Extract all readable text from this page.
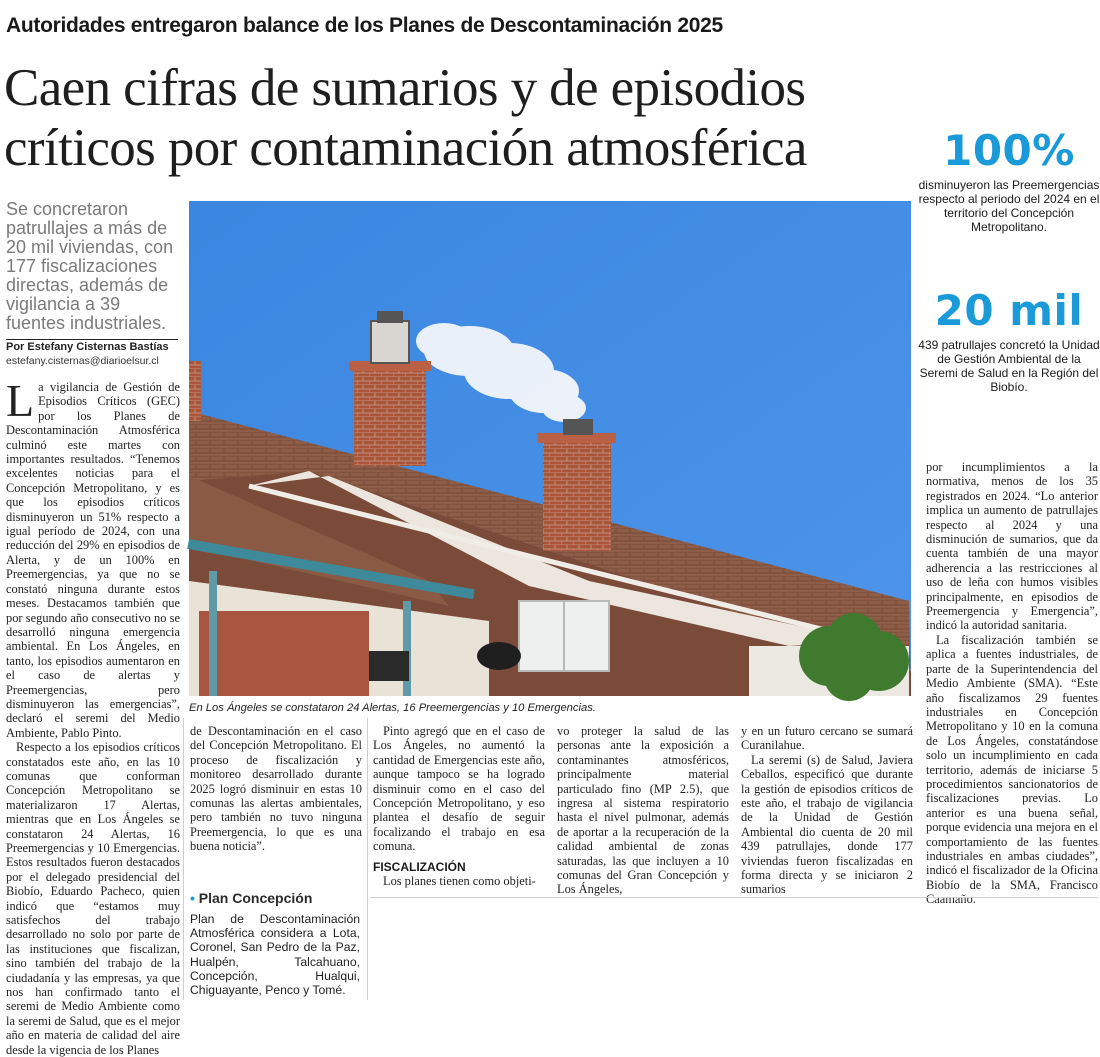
Autoridades entregaron balance de los Planes de Descontaminación 2025
Caen cifras de sumarios y de episodios
críticos por contaminación atmosférica
Se concretaron patrullajes a más de 20 mil viviendas, con 177 fiscalizaciones directas, además de vigilancia a 39 fuentes industriales.
Por Estefany Cisternas Bastías
estefany.cisternas@diarioelsur.cl
En Los Ángeles se constataron 24 Alertas, 16 Preemergencias y 10 Emergencias.
100%
disminuyeron las Preemergencias respecto al periodo del 2024 en el territorio del Concepción Metropolitano.
20 mil
439 patrullajes concretó la Unidad de Gestión Ambiental de la Seremi de Salud en la Región del Biobío.

La vigilancia de Gestión de Episodios Críticos (GEC) por los Planes de Descontaminación Atmosférica culminó este martes con importantes resultados. “Tenemos excelentes noticias para el Concepción Metropolitano, y es que los episodios críticos disminuyeron un 51% respecto a igual período de 2024, con una reducción del 29% en episodios de Alerta, y de un 100% en Preemergencias, ya que no se constató ninguna durante estos meses. Destacamos también que por segundo año consecutivo no se desarrolló ninguna emergencia ambiental. En Los Ángeles, en tanto, los episodios aumentaron en el caso de alertas y Preemergencias, pero disminuyeron las emergencias”, declaró el seremi del Medio Ambiente, Pablo Pinto.

Respecto a los episodios críticos constatados este año, en las 10 comunas que conforman Concepción Metropolitano se materializaron 17 Alertas, mientras que en Los Ángeles se constataron 24 Alertas, 16 Preemergencias y 10 Emergencias. Estos resultados fueron destacados por el delegado presidencial del Biobío, Eduardo Pacheco, quien indicó que “estamos muy satisfechos del trabajo desarrollado no solo por parte de las instituciones que fiscalizan, sino también del trabajo de la ciudadanía y las empresas, ya que nos han confirmado tanto el seremi de Medio Ambiente como la seremi de Salud, que es el mejor año en materia de calidad del aire desde la vigencia de los Planes

de Descontaminación en el caso del Concepción Metropolitano. El proceso de fiscalización y monitoreo desarrollado durante 2025 logró disminuir en estas 10 comunas las alertas ambientales, pero también no tuvo ninguna Preemergencia, lo que es una buena noticia”.

• Plan Concepción
Plan de Descontaminación Atmosférica considera a Lota, Coronel, San Pedro de la Paz, Hualpén, Talcahuano, Concepción, Hualqui, Chiguayante, Penco y Tomé.

Pinto agregó que en el caso de Los Ángeles, no aumentó la cantidad de Emergencias este año, aunque tampoco se ha logrado disminuir como en el caso del Concepción Metropolitano, y eso plantea el desafío de seguir focalizando el trabajo en esa comuna.

FISCALIZACIÓN

Los planes tienen como objeti-

vo proteger la salud de las personas ante la exposición a contaminantes atmosféricos, principalmente material particulado fino (MP 2.5), que ingresa al sistema respiratorio hasta el nivel pulmonar, además de aportar a la recuperación de la calidad ambiental de zonas saturadas, las que incluyen a 10 comunas del Gran Concepción y Los Ángeles,

y en un futuro cercano se sumará Curanilahue.

La seremi (s) de Salud, Javiera Ceballos, especificó que durante la gestión de episodios críticos de este año, el trabajo de vigilancia de la Unidad de Gestión Ambiental dio cuenta de 20 mil 439 patrullajes, donde 177 viviendas fueron fiscalizadas en forma directa y se iniciaron 2 sumarios

por incumplimientos a la normativa, menos de los 35 registrados en 2024. “Lo anterior implica un aumento de patrullajes respecto al 2024 y una disminución de sumarios, que da cuenta también de una mayor adherencia a las restricciones al uso de leña con humos visibles principalmente, en episodios de Preemergencia y Emergencia”, indicó la autoridad sanitaria.

La fiscalización también se aplica a fuentes industriales, de parte de la Superintendencia del Medio Ambiente (SMA). “Este año fiscalizamos 29 fuentes industriales en Concepción Metropolitano y 10 en la comuna de Los Ángeles, constatándose solo un incumplimiento en cada territorio, además de iniciarse 5 procedimientos sancionatorios de fiscalizaciones previas. Lo anterior es una buena señal, porque evidencia una mejora en el comportamiento de las fuentes industriales en ambas ciudades”, indicó el fiscalizador de la Oficina Biobío de la SMA, Francisco Caamaño.
